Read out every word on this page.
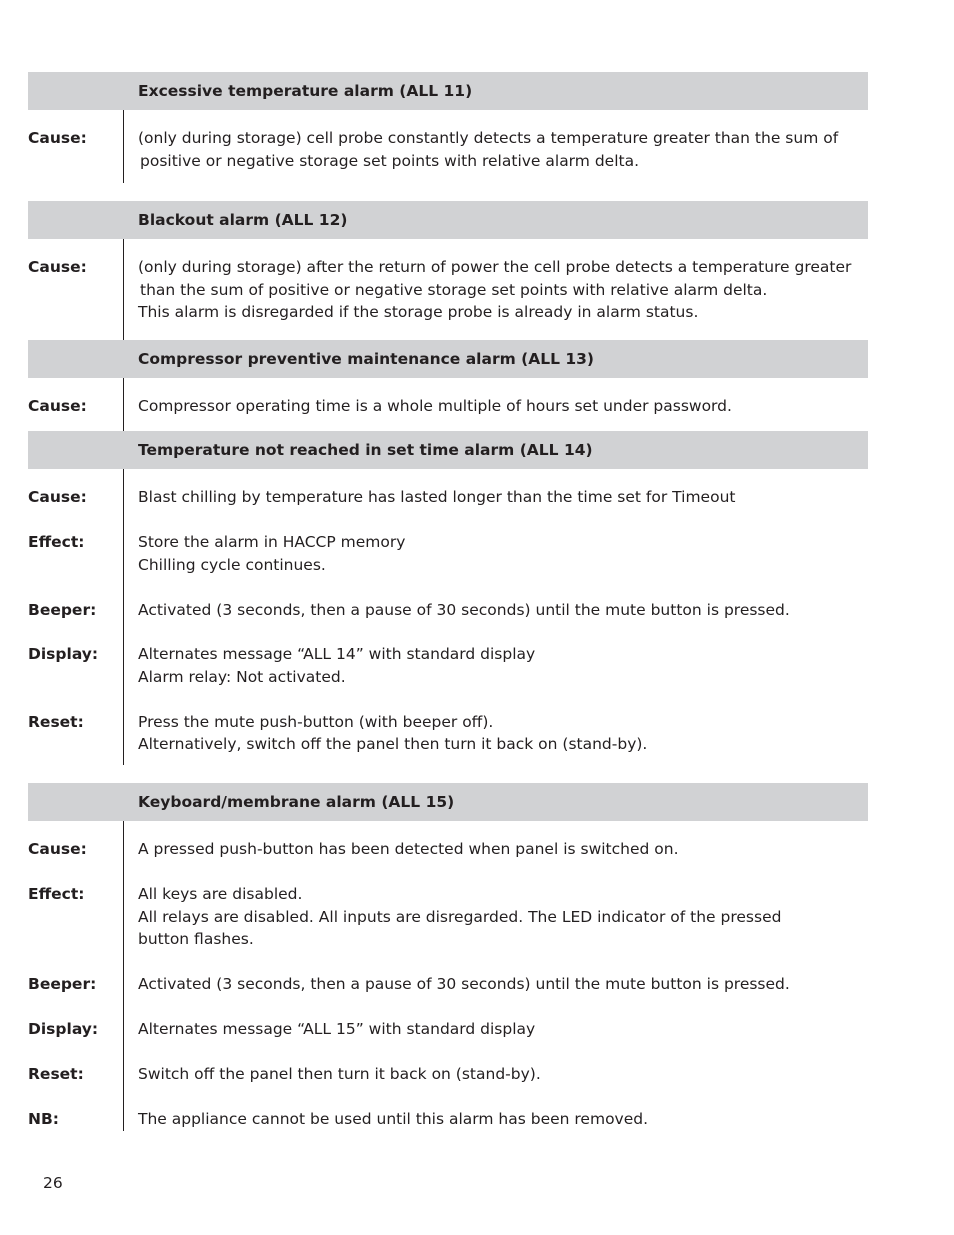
Excessive temperature alarm (ALL 11)
Cause:	(only during storage) cell probe constantly detects a temperature greater than the sum of
positive or negative storage set points with relative alarm delta.
Blackout alarm (ALL 12)
Cause:	(only during storage) after the return of power the cell probe detects a temperature greater
than the sum of positive or negative storage set points with relative alarm delta.
This alarm is disregarded if the storage probe is already in alarm status.
Compressor preventive maintenance alarm (ALL 13)
Cause:	Compressor operating time is a whole multiple of hours set under password.
Temperature not reached in set time alarm (ALL 14)
Cause:	Blast chilling by temperature has lasted longer than the time set for Timeout
Effect:	Store the alarm in HACCP memory
Chilling cycle continues.
Beeper:	Activated (3 seconds, then a pause of 30 seconds) until the mute button is pressed.
Display:	Alternates message “ALL 14” with standard display
Alarm relay: Not activated.
Reset:	Press the mute push-button (with beeper off).
Alternatively, switch off the panel then turn it back on (stand-by).
Keyboard/membrane alarm (ALL 15)
Cause:	A pressed push-button has been detected when panel is switched on.
Effect:	All keys are disabled.
All relays are disabled. All inputs are disregarded. The LED indicator of the pressed
button flashes.
Beeper:	Activated (3 seconds, then a pause of 30 seconds) until the mute button is pressed.
Display:	Alternates message “ALL 15” with standard display
Reset:	Switch off the panel then turn it back on (stand-by).
NB:	The appliance cannot be used until this alarm has been removed.
26
